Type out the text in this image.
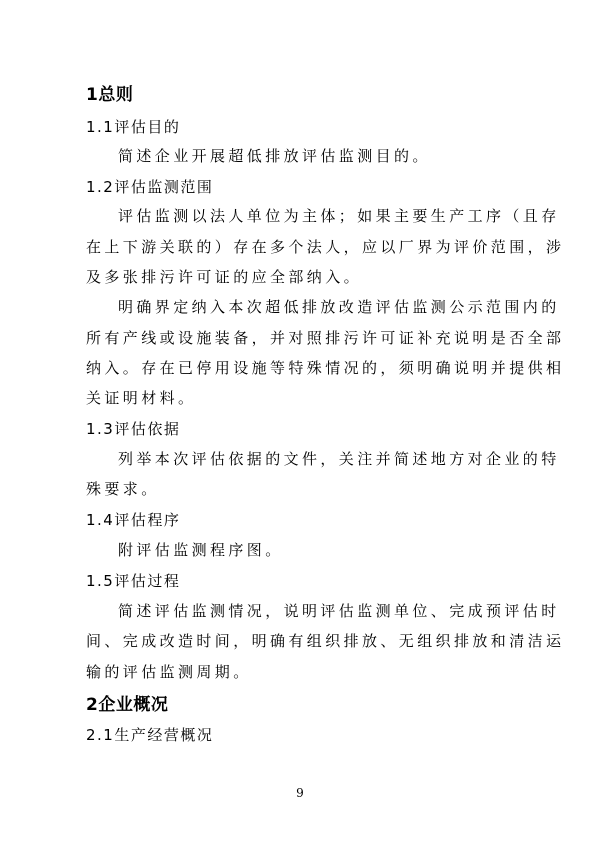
1总则
1.1评估目的
简述企业开展超低排放评估监测目的。
1.2评估监测范围
评估监测以法人单位为主体；如果主要生产工序（且存
在上下游关联的）存在多个法人，应以厂界为评价范围，涉
及多张排污许可证的应全部纳入。
明确界定纳入本次超低排放改造评估监测公示范围内的
所有产线或设施装备，并对照排污许可证补充说明是否全部
纳入。存在已停用设施等特殊情况的，须明确说明并提供相
关证明材料。
1.3评估依据
列举本次评估依据的文件，关注并简述地方对企业的特
殊要求。
1.4评估程序
附评估监测程序图。
1.5评估过程
简述评估监测情况，说明评估监测单位、完成预评估时
间、完成改造时间，明确有组织排放、无组织排放和清洁运
输的评估监测周期。
2企业概况
2.1生产经营概况
9
